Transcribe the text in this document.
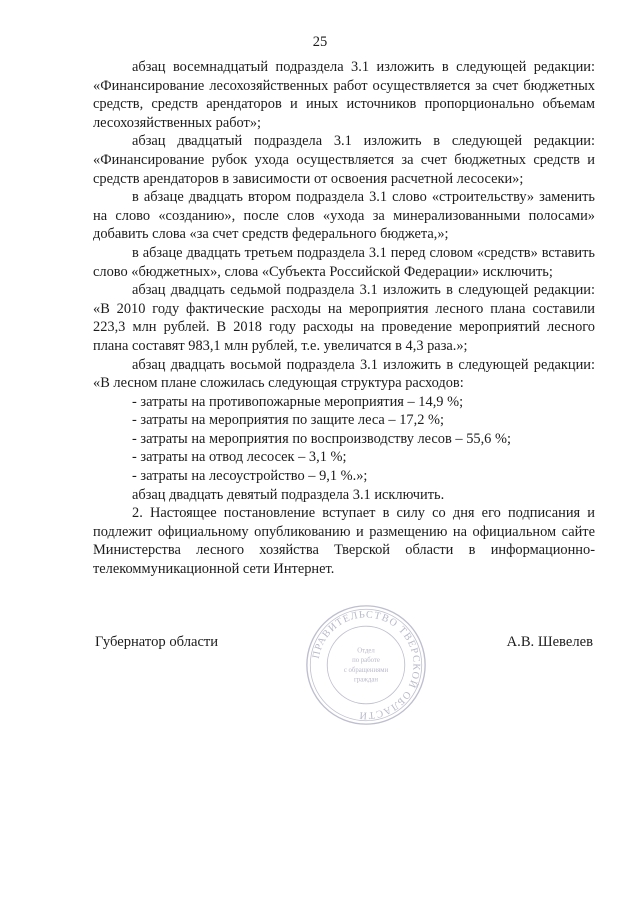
25

абзац восемнадцатый подраздела 3.1 изложить в следующей редакции: «Финансирование лесохозяйственных работ осуществляется за счет бюджетных средств, средств арендаторов и иных источников пропорционально объемам лесохозяйственных работ»;

абзац двадцатый подраздела 3.1 изложить в следующей редакции: «Финансирование рубок ухода осуществляется за счет бюджетных средств и средств арендаторов в зависимости от освоения расчетной лесосеки»;

в абзаце двадцать втором подраздела 3.1 слово «строительству» заменить на слово «созданию», после слов «ухода за минерализованными полосами» добавить слова «за счет средств федерального бюджета,»;

в абзаце двадцать третьем подраздела 3.1 перед словом «средств» вставить слово «бюджетных», слова «Субъекта Российской Федерации» исключить;

абзац двадцать седьмой подраздела 3.1 изложить в следующей редакции: «В 2010 году фактические расходы на мероприятия лесного плана составили 223,3 млн рублей. В 2018 году расходы на проведение мероприятий лесного плана составят 983,1 млн рублей, т.е. увеличатся в 4,3 раза.»;

абзац двадцать восьмой подраздела 3.1 изложить в следующей редакции: «В лесном плане сложилась следующая структура расходов:

- затраты на противопожарные мероприятия – 14,9 %;

- затраты на мероприятия по защите леса – 17,2 %;

- затраты на мероприятия по воспроизводству лесов – 55,6 %;

- затраты на отвод лесосек – 3,1 %;

- затраты на лесоустройство – 9,1 %.»;

абзац двадцать девятый подраздела 3.1 исключить.

2. Настоящее постановление вступает в силу со дня его подписания и подлежит официальному опубликованию и размещению на официальном сайте Министерства лесного хозяйства Тверской области в информационно-телекоммуникационной сети Интернет.

Губернатор области	А.В. Шевелев
ПРАВИТЕЛЬСТВО ТВЕРСКОЙ ОБЛАСТИ
Отдел
по работе
с обращениями
граждан
